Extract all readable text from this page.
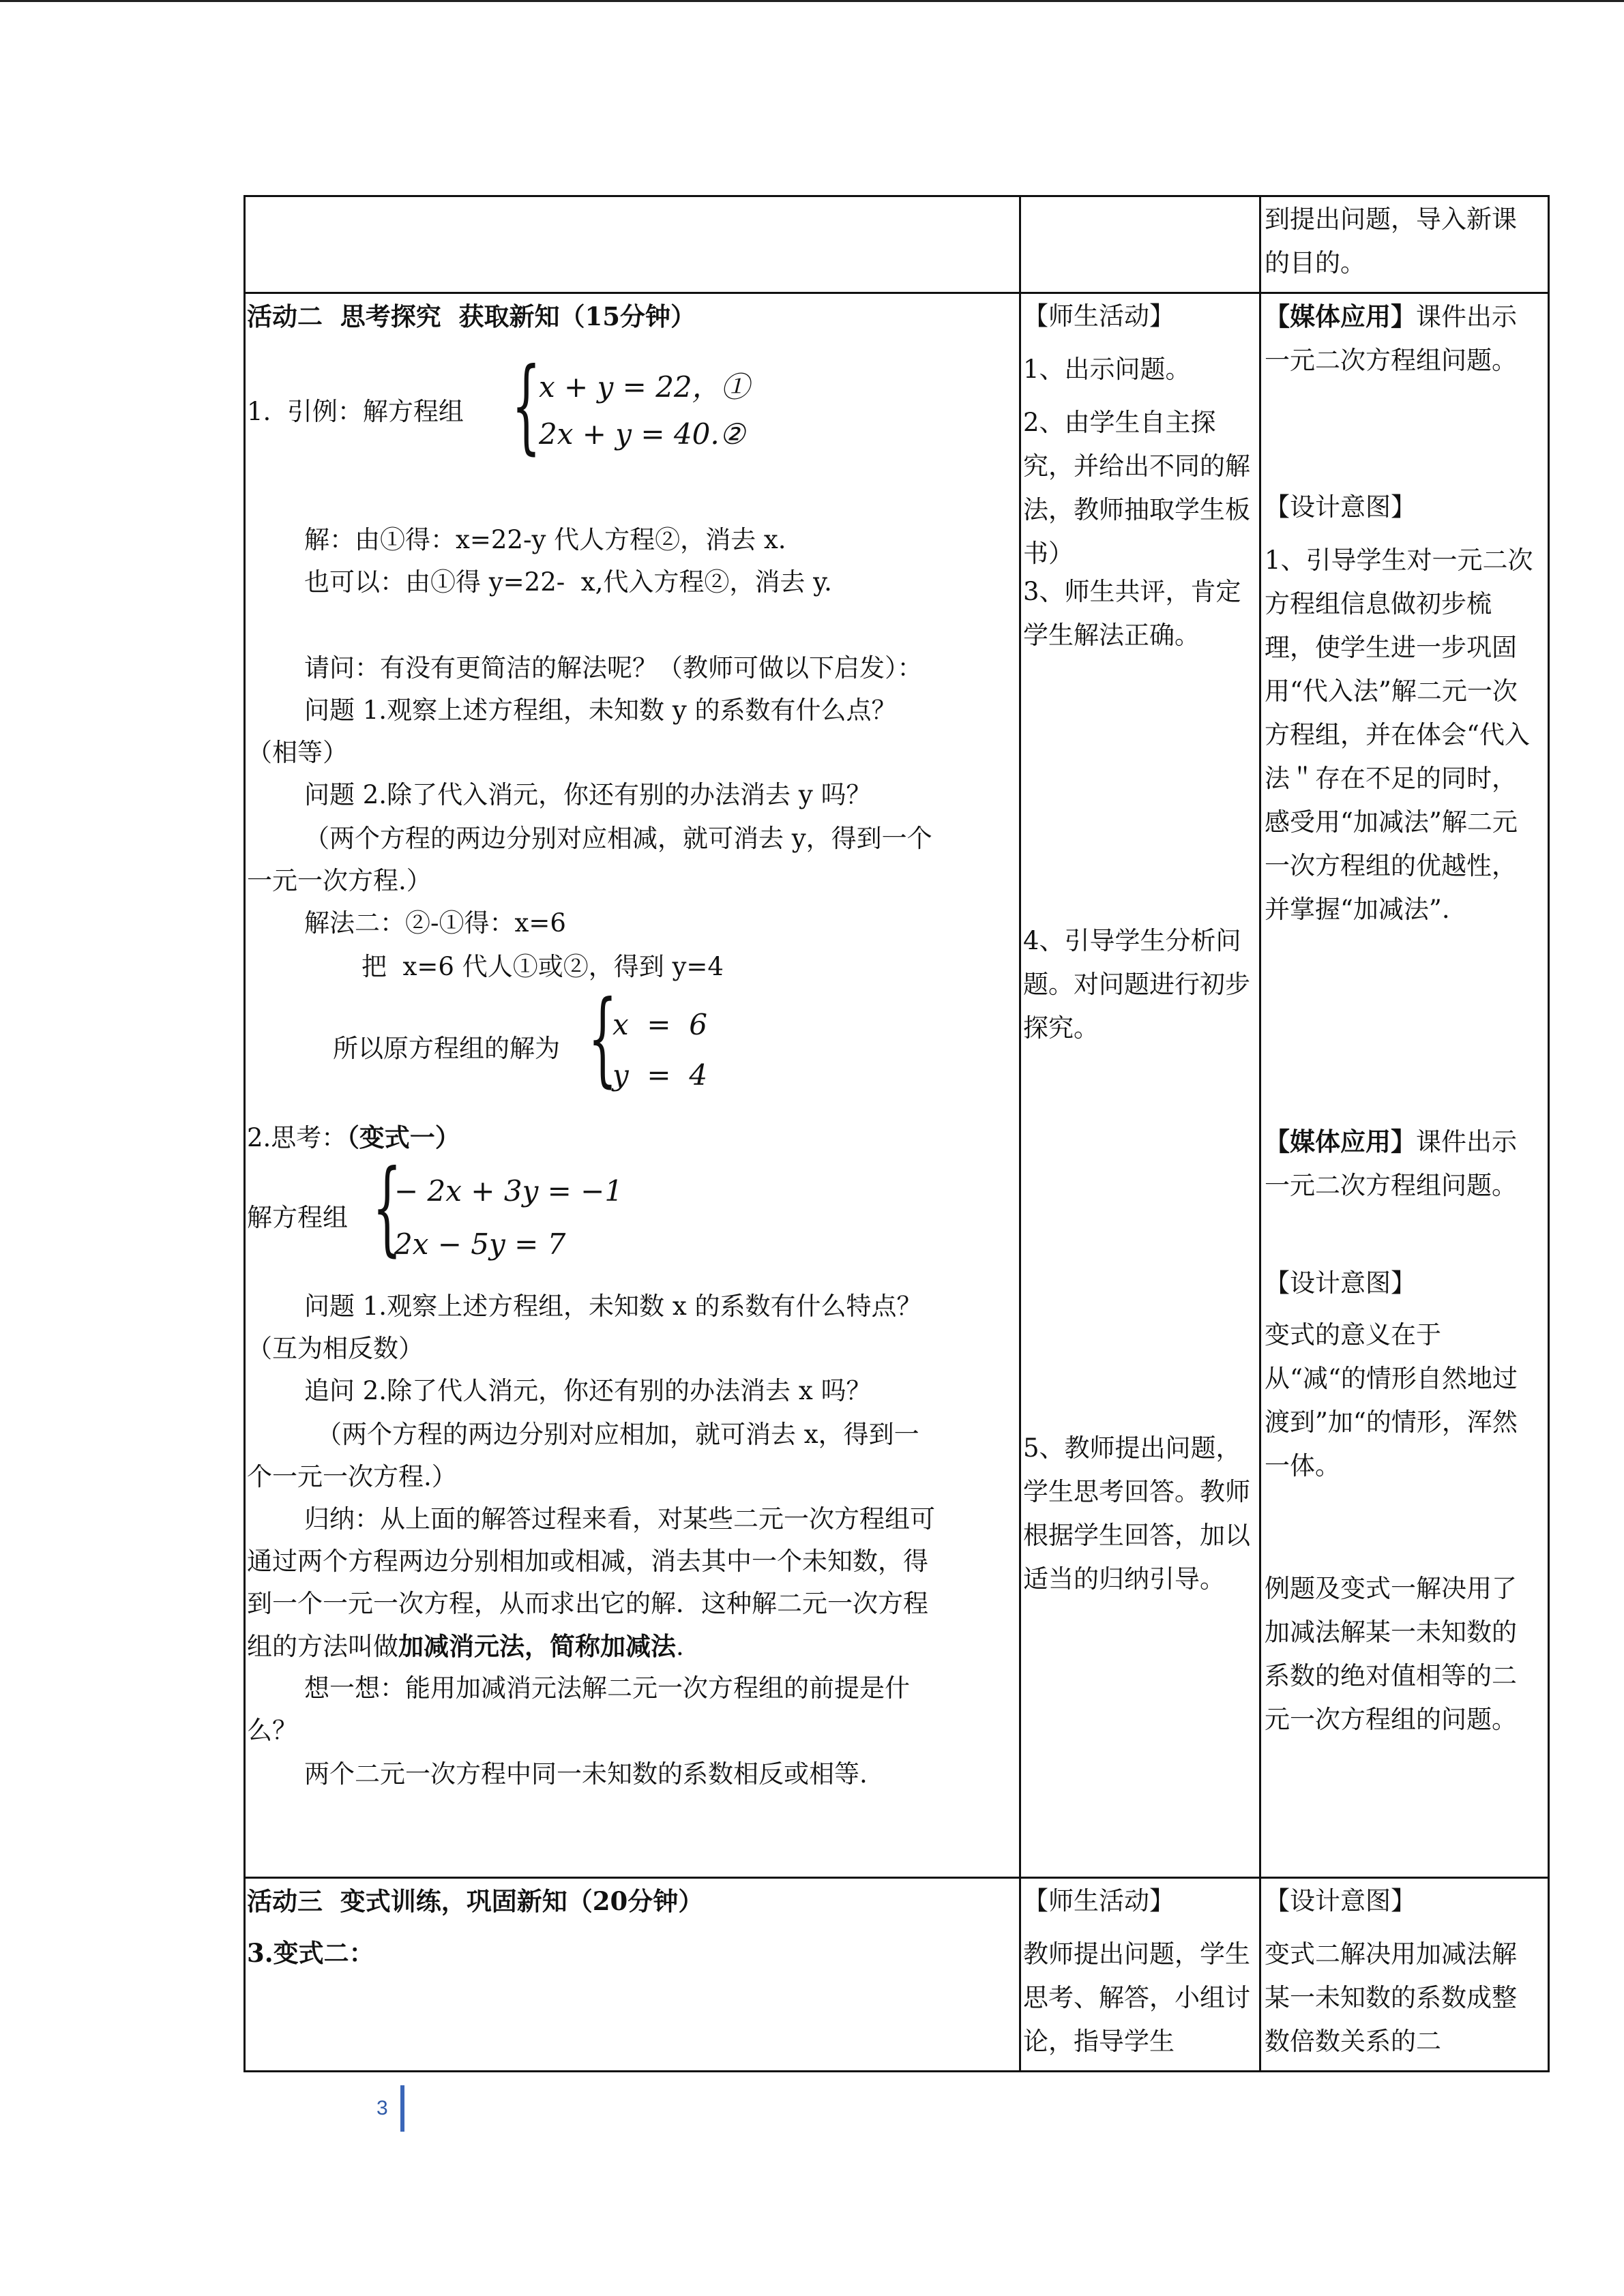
到提出问题，导入新课的目的。
活动二  思考探究  获取新知（15分钟）
1.  引例：解方程组 {
x + y = 22，①
2x + y = 40.②
解：由①得：x=22-y 代人方程②，消去 x.
也可以：由①得 y=22-  x,代入方程②，消去 y.
请问：有没有更简洁的解法呢？（教师可做以下启发）：
问题 1.观察上述方程组，未知数 y 的系数有什么点？
（相等）
问题 2.除了代入消元，你还有别的办法消去 y 吗？
（两个方程的两边分别对应相减，就可消去 y，得到一个
一元一次方程.）
解法二：②-①得：x=6
把  x=6 代人①或②，得到 y=4
所以原方程组的解为 {
x  =  6
y  =  4
2.思考：（变式一）
解方程组 {
− 2x + 3y = −1
2x − 5y = 7
问题 1.观察上述方程组，未知数 x 的系数有什么特点？
（互为相反数）
追问 2.除了代人消元，你还有别的办法消去 x 吗？
（两个方程的两边分别对应相加，就可消去 x，得到一
个一元一次方程.）
归纳：从上面的解答过程来看，对某些二元一次方程组可
通过两个方程两边分别相加或相减，消去其中一个未知数，得
到一个一元一次方程，从而求出它的解．这种解二元一次方程
组的方法叫做加减消元法，简称加减法.
想一想：能用加减消元法解二元一次方程组的前提是什
么？
两个二元一次方程中同一未知数的系数相反或相等.
【师生活动】
1、出示问题。
2、由学生自主探究，并给出不同的解法，教师抽取学生板书）
3、师生共评，肯定学生解法正确。
4、引导学生分析问题。对问题进行初步探究。
5、教师提出问题，学生思考回答。教师根据学生回答，加以适当的归纳引导。
【媒体应用】课件出示一元二次方程组问题。
【设计意图】
1、引导学生对一元二次方程组信息做初步梳理，使学生进一步巩固用“代入法”解二元一次方程组，并在体会“代入法＂存在不足的同时，感受用“加减法”解二元一次方程组的优越性，并掌握“加减法”.
【媒体应用】课件出示一元二次方程组问题。
【设计意图】
变式的意义在于从“减“的情形自然地过渡到”加“的情形，浑然一体。
例题及变式一解决用了加减法解某一未知数的系数的绝对值相等的二元一次方程组的问题。
活动三  变式训练，巩固新知（20分钟）
3.变式二：
【师生活动】
教师提出问题，学生思考、解答，小组讨论，指导学生
【设计意图】
变式二解决用加减法解某一未知数的系数成整数倍数关系的二
3
